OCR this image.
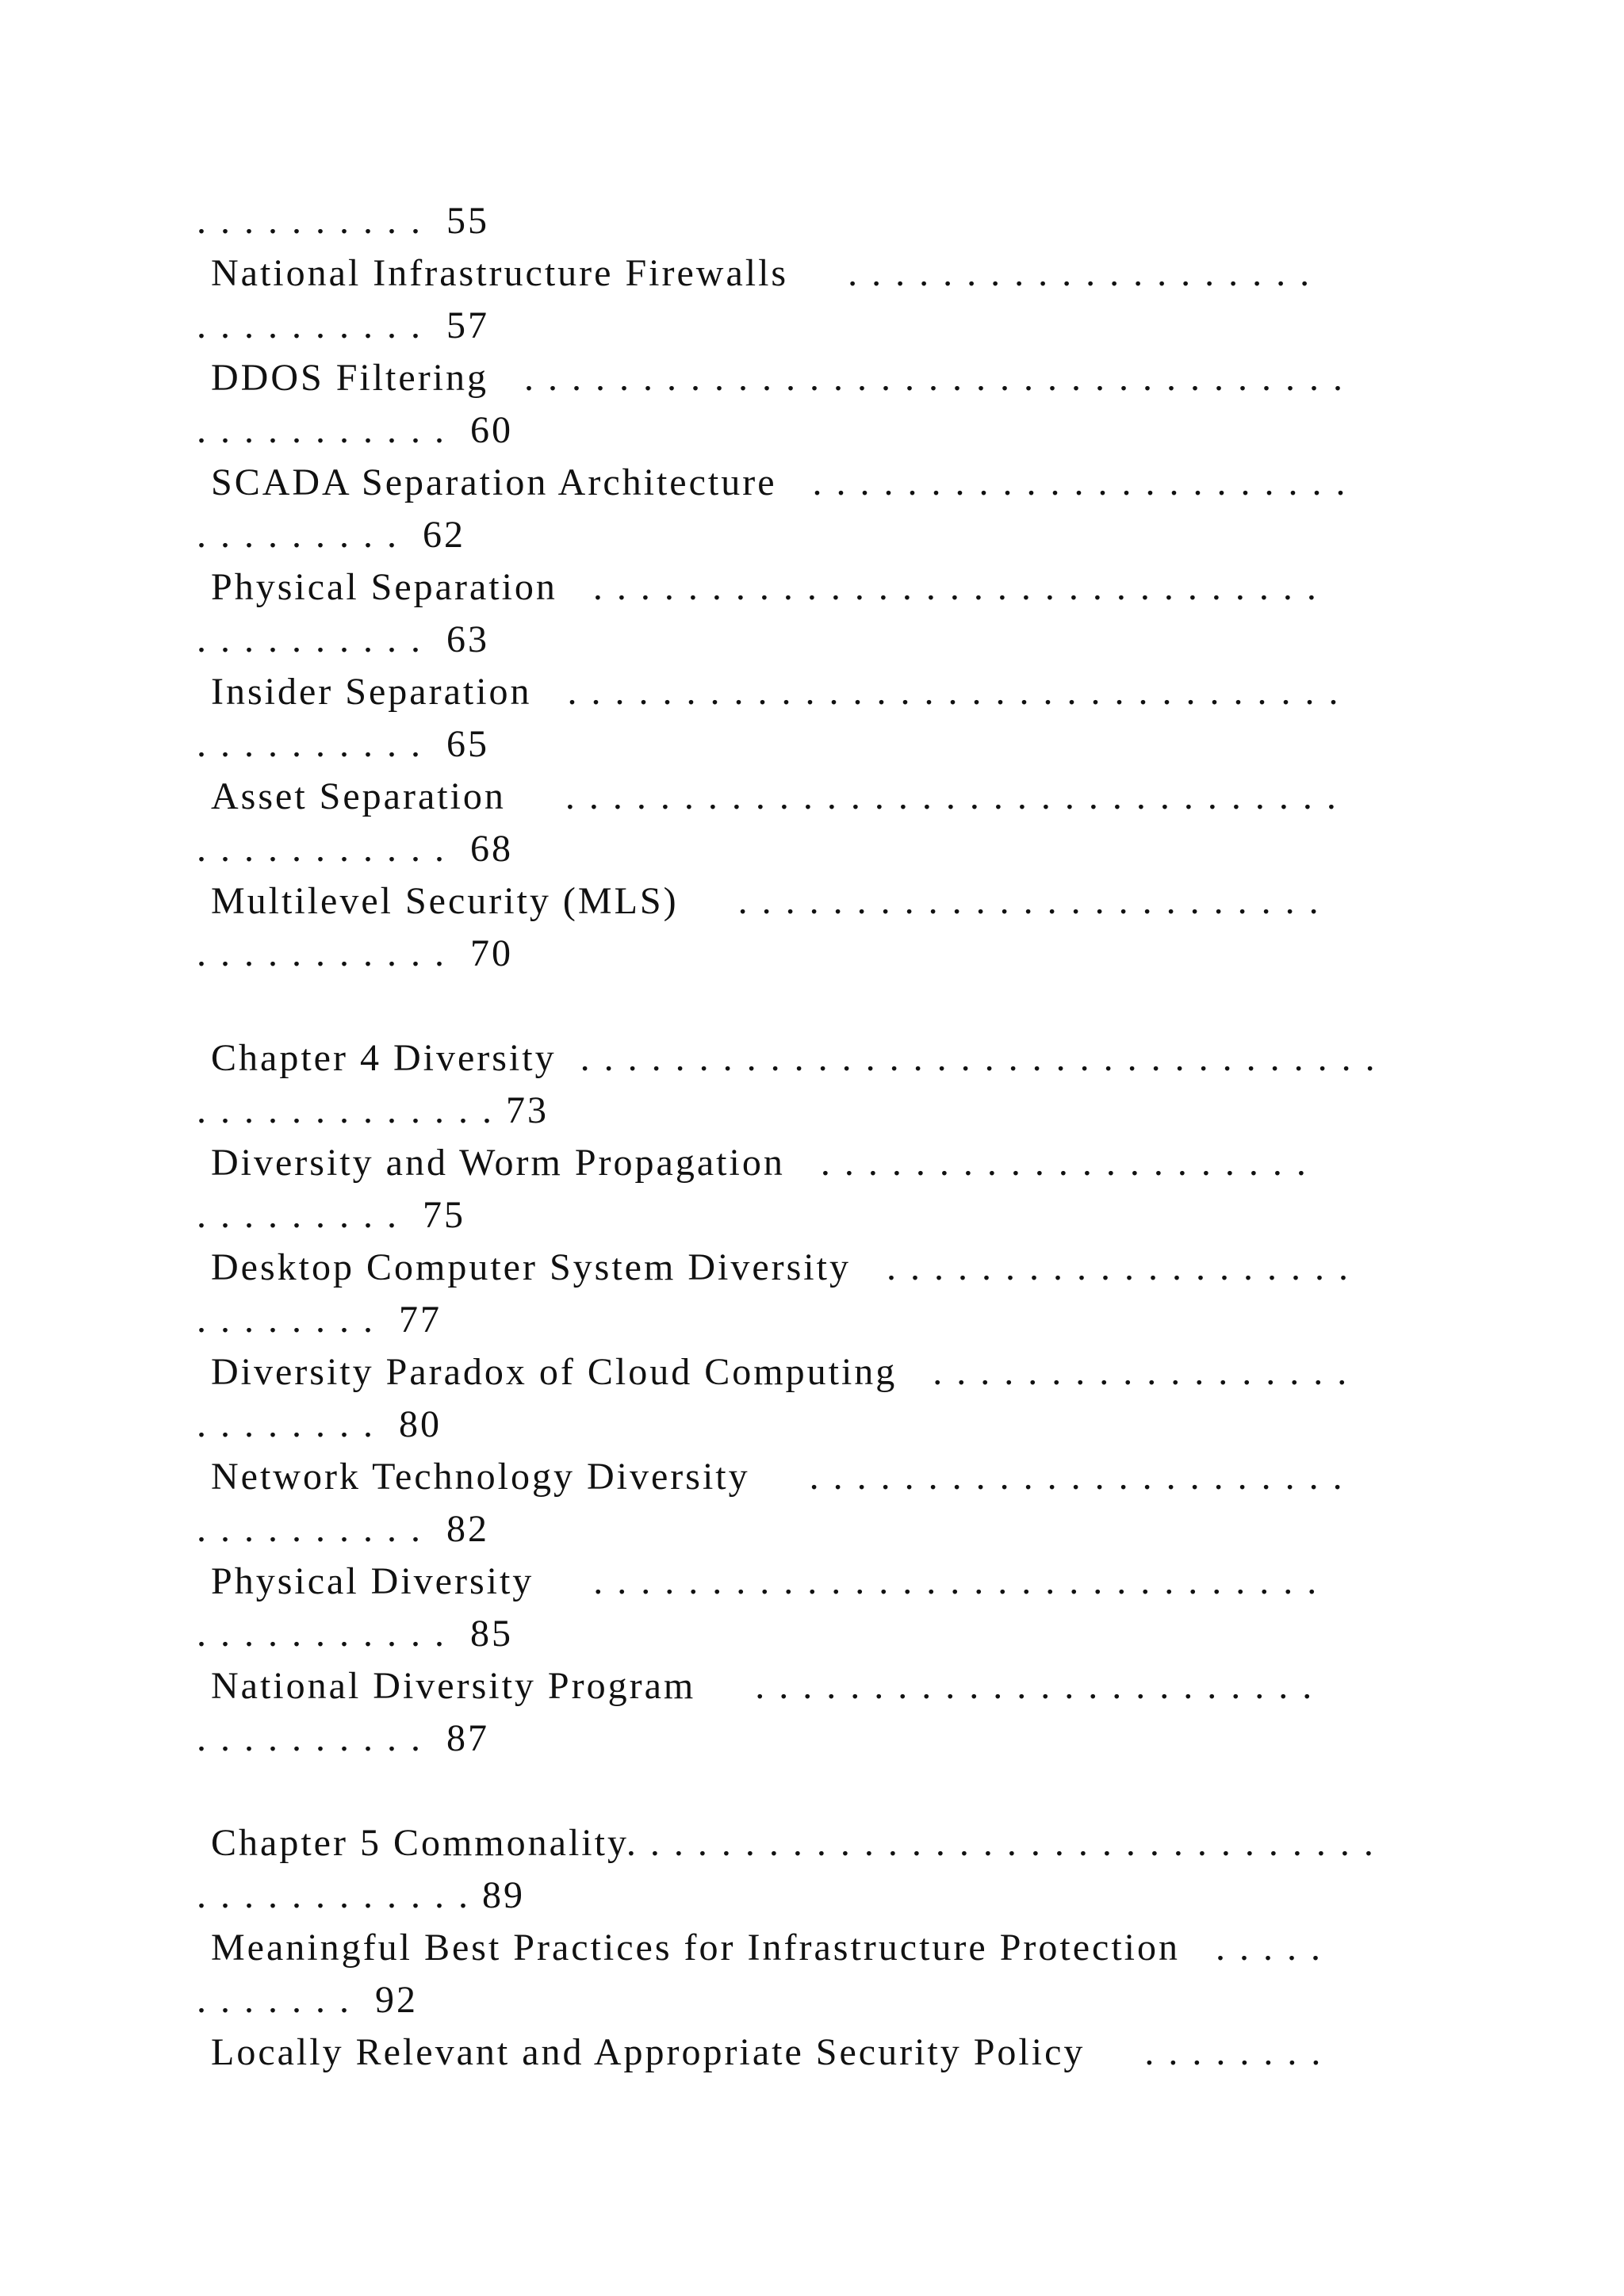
. . . . . . . . . .  55
National Infrastructure Firewalls     . . . . . . . . . . . . . . . . . . . .
. . . . . . . . . .  57
DDOS Filtering   . . . . . . . . . . . . . . . . . . . . . . . . . . . . . . . . . . .
. . . . . . . . . . .  60
SCADA Separation Architecture   . . . . . . . . . . . . . . . . . . . . . . .
. . . . . . . . .  62
Physical Separation   . . . . . . . . . . . . . . . . . . . . . . . . . . . . . . .
. . . . . . . . . .  63
Insider Separation   . . . . . . . . . . . . . . . . . . . . . . . . . . . . . . . . .
. . . . . . . . . .  65
Asset Separation     . . . . . . . . . . . . . . . . . . . . . . . . . . . . . . . . .
. . . . . . . . . . .  68
Multilevel Security (MLS)     . . . . . . . . . . . . . . . . . . . . . . . . .
. . . . . . . . . . .  70
Chapter 4 Diversity  . . . . . . . . . . . . . . . . . . . . . . . . . . . . . . . . . .
. . . . . . . . . . . . . 73
Diversity and Worm Propagation   . . . . . . . . . . . . . . . . . . . . .
. . . . . . . . .  75
Desktop Computer System Diversity   . . . . . . . . . . . . . . . . . . . .
. . . . . . . .  77
Diversity Paradox of Cloud Computing   . . . . . . . . . . . . . . . . . .
. . . . . . . .  80
Network Technology Diversity     . . . . . . . . . . . . . . . . . . . . . . .
. . . . . . . . . .  82
Physical Diversity     . . . . . . . . . . . . . . . . . . . . . . . . . . . . . . .
. . . . . . . . . . .  85
National Diversity Program     . . . . . . . . . . . . . . . . . . . . . . . .
. . . . . . . . . .  87
Chapter 5 Commonality. . . . . . . . . . . . . . . . . . . . . . . . . . . . . . . .
. . . . . . . . . . . . 89
Meaningful Best Practices for Infrastructure Protection   . . . . .
. . . . . . .  92
Locally Relevant and Appropriate Security Policy     . . . . . . . .
